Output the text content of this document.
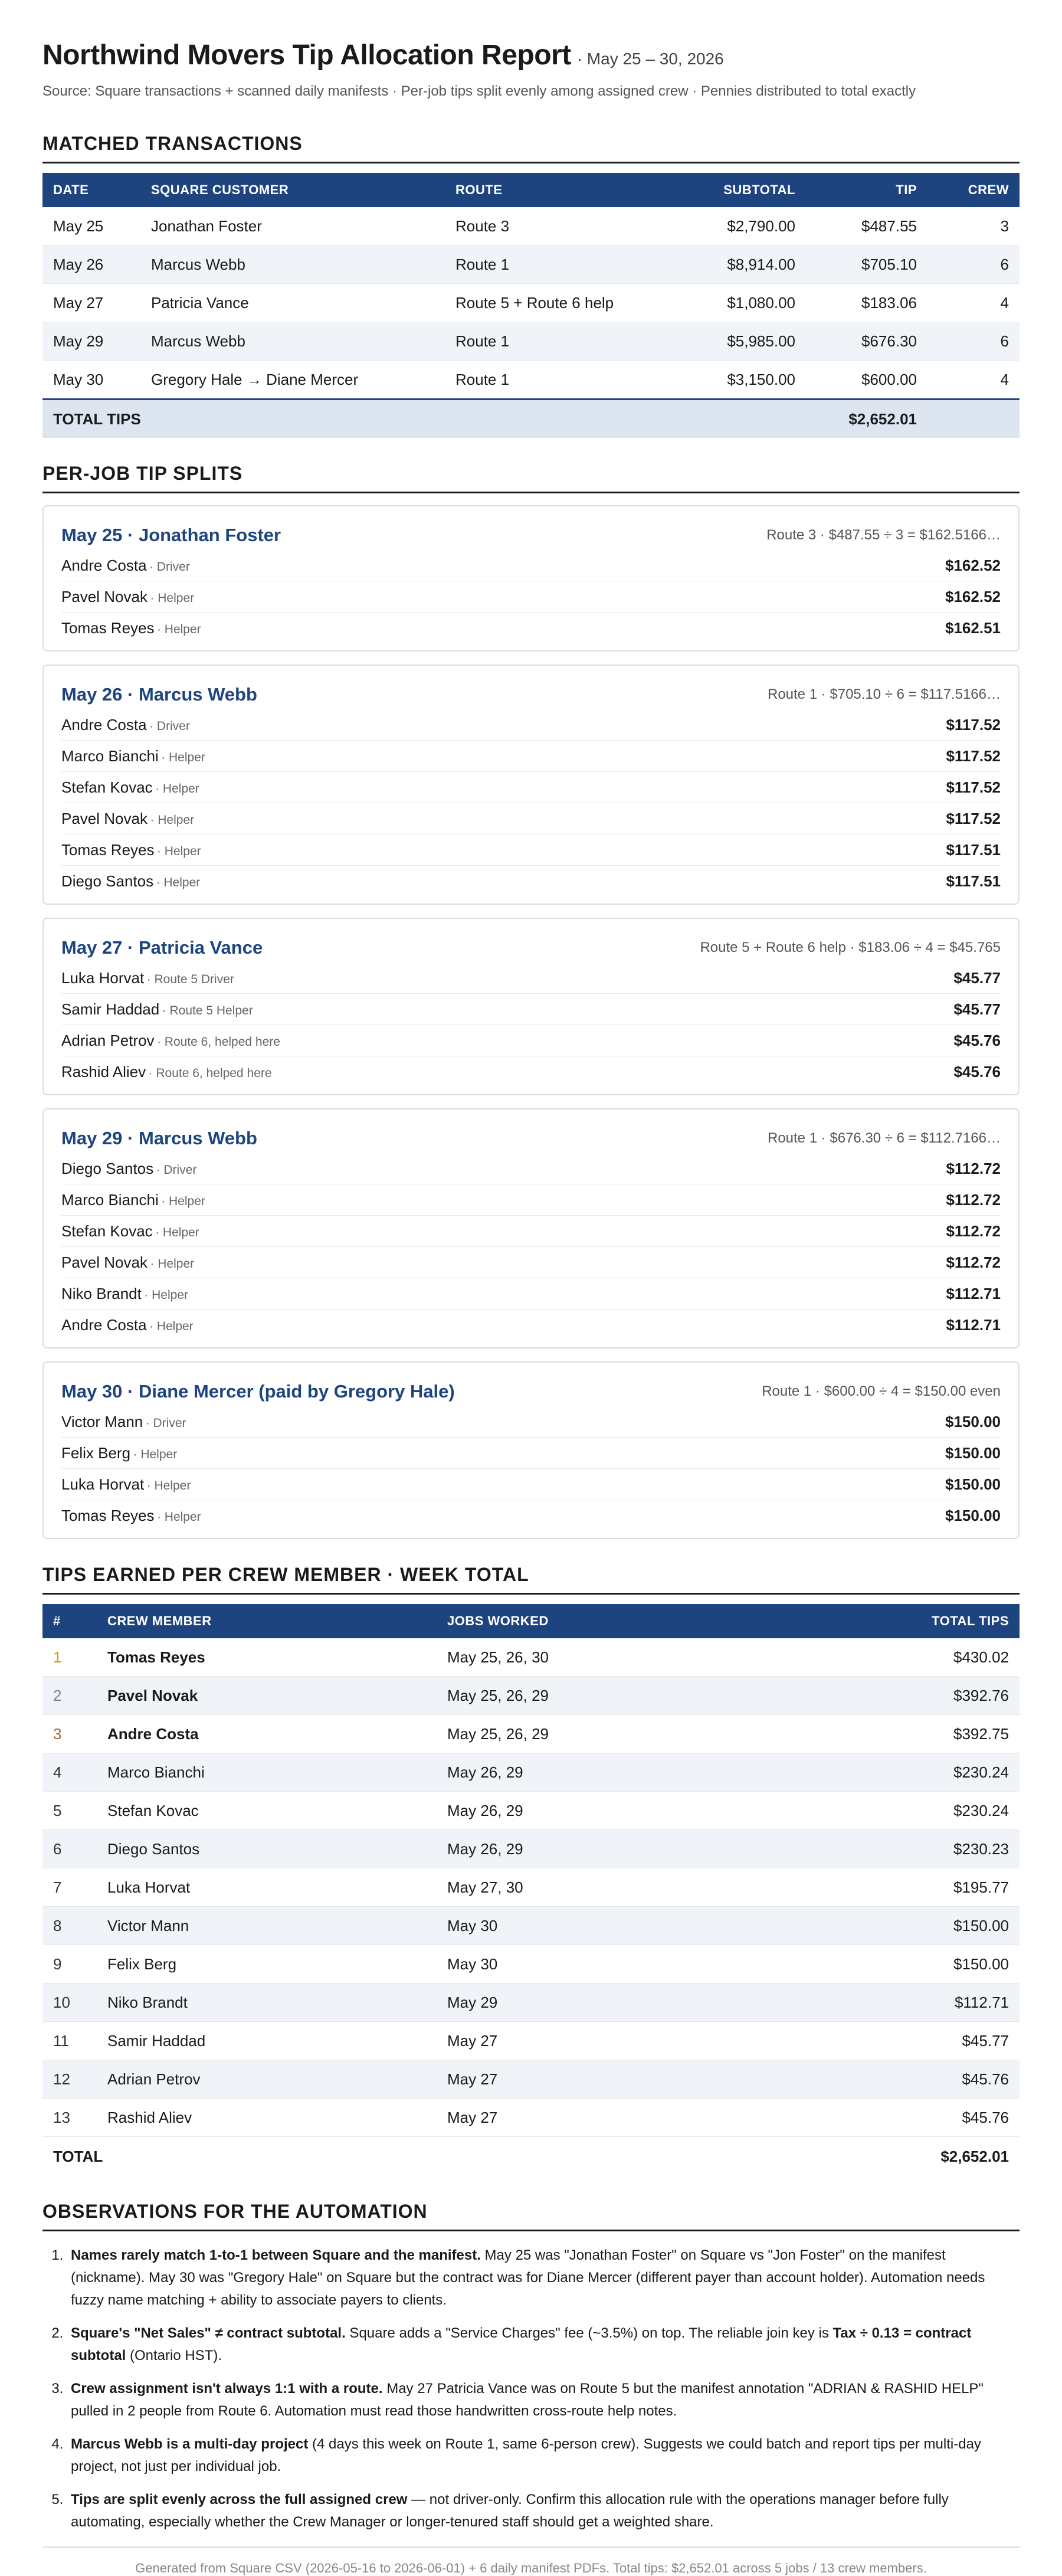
Northwind Movers Tip Allocation Report · May 25 – 30, 2026
Source: Square transactions + scanned daily manifests · Per-job tips split evenly among assigned crew · Pennies distributed to total exactly
MATCHED TRANSACTIONS
DATE	SQUARE CUSTOMER	ROUTE	SUBTOTAL	TIP	CREW
May 25	Jonathan Foster	Route 3	$2,790.00	$487.55	3
May 26	Marcus Webb	Route 1	$8,914.00	$705.10	6
May 27	Patricia Vance	Route 5 + Route 6 help	$1,080.00	$183.06	4
May 29	Marcus Webb	Route 1	$5,985.00	$676.30	6
May 30	Gregory Hale → Diane Mercer	Route 1	$3,150.00	$600.00	4
TOTAL TIPS				$2,652.01	
PER-JOB TIP SPLITS
May 25 · Jonathan Foster	Route 3 · $487.55 ÷ 3 = $162.5166…
Andre Costa · Driver	$162.52
Pavel Novak · Helper	$162.52
Tomas Reyes · Helper	$162.51
May 26 · Marcus Webb	Route 1 · $705.10 ÷ 6 = $117.5166…
Andre Costa · Driver	$117.52
Marco Bianchi · Helper	$117.52
Stefan Kovac · Helper	$117.52
Pavel Novak · Helper	$117.52
Tomas Reyes · Helper	$117.51
Diego Santos · Helper	$117.51
May 27 · Patricia Vance	Route 5 + Route 6 help · $183.06 ÷ 4 = $45.765
Luka Horvat · Route 5 Driver	$45.77
Samir Haddad · Route 5 Helper	$45.77
Adrian Petrov · Route 6, helped here	$45.76
Rashid Aliev · Route 6, helped here	$45.76
May 29 · Marcus Webb	Route 1 · $676.30 ÷ 6 = $112.7166…
Diego Santos · Driver	$112.72
Marco Bianchi · Helper	$112.72
Stefan Kovac · Helper	$112.72
Pavel Novak · Helper	$112.72
Niko Brandt · Helper	$112.71
Andre Costa · Helper	$112.71
May 30 · Diane Mercer (paid by Gregory Hale)	Route 1 · $600.00 ÷ 4 = $150.00 even
Victor Mann · Driver	$150.00
Felix Berg · Helper	$150.00
Luka Horvat · Helper	$150.00
Tomas Reyes · Helper	$150.00
TIPS EARNED PER CREW MEMBER · WEEK TOTAL
#	CREW MEMBER	JOBS WORKED	TOTAL TIPS
1	Tomas Reyes	May 25, 26, 30	$430.02
2	Pavel Novak	May 25, 26, 29	$392.76
3	Andre Costa	May 25, 26, 29	$392.75
4	Marco Bianchi	May 26, 29	$230.24
5	Stefan Kovac	May 26, 29	$230.24
6	Diego Santos	May 26, 29	$230.23
7	Luka Horvat	May 27, 30	$195.77
8	Victor Mann	May 30	$150.00
9	Felix Berg	May 30	$150.00
10	Niko Brandt	May 29	$112.71
11	Samir Haddad	May 27	$45.77
12	Adrian Petrov	May 27	$45.76
13	Rashid Aliev	May 27	$45.76
TOTAL			$2,652.01
OBSERVATIONS FOR THE AUTOMATION
1. Names rarely match 1-to-1 between Square and the manifest. May 25 was "Jonathan Foster" on Square vs "Jon Foster" on the manifest (nickname). May 30 was "Gregory Hale" on Square but the contract was for Diane Mercer (different payer than account holder). Automation needs fuzzy name matching + ability to associate payers to clients.
2. Square's "Net Sales" ≠ contract subtotal. Square adds a "Service Charges" fee (~3.5%) on top. The reliable join key is Tax ÷ 0.13 = contract subtotal (Ontario HST).
3. Crew assignment isn't always 1:1 with a route. May 27 Patricia Vance was on Route 5 but the manifest annotation "ADRIAN & RASHID HELP" pulled in 2 people from Route 6. Automation must read those handwritten cross-route help notes.
4. Marcus Webb is a multi-day project (4 days this week on Route 1, same 6-person crew). Suggests we could batch and report tips per multi-day project, not just per individual job.
5. Tips are split evenly across the full assigned crew — not driver-only. Confirm this allocation rule with the operations manager before fully automating, especially whether the Crew Manager or longer-tenured staff should get a weighted share.
Generated from Square CSV (2026-05-16 to 2026-06-01) + 6 daily manifest PDFs. Total tips: $2,652.01 across 5 jobs / 13 crew members.
